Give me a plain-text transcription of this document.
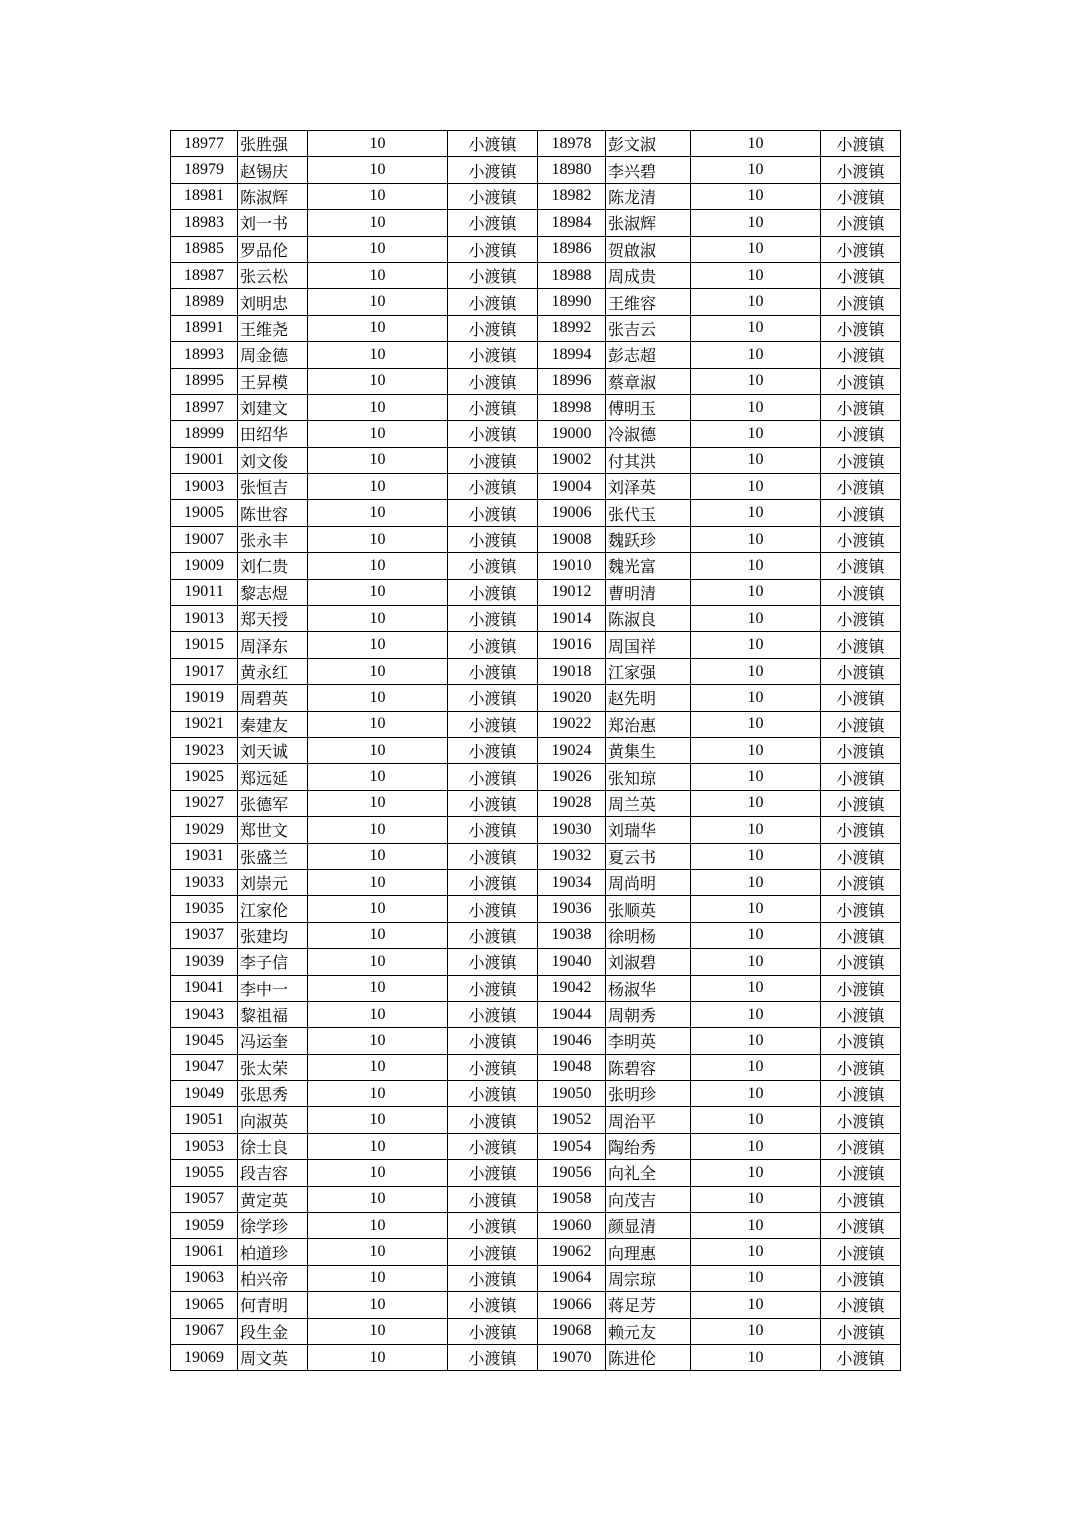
18977	张胜强	10	小渡镇	18978	彭文淑	10	小渡镇
18979	赵锡庆	10	小渡镇	18980	李兴碧	10	小渡镇
18981	陈淑辉	10	小渡镇	18982	陈龙清	10	小渡镇
18983	刘一书	10	小渡镇	18984	张淑辉	10	小渡镇
18985	罗品伦	10	小渡镇	18986	贺啟淑	10	小渡镇
18987	张云松	10	小渡镇	18988	周成贵	10	小渡镇
18989	刘明忠	10	小渡镇	18990	王维容	10	小渡镇
18991	王维尧	10	小渡镇	18992	张吉云	10	小渡镇
18993	周金德	10	小渡镇	18994	彭志超	10	小渡镇
18995	王昇模	10	小渡镇	18996	蔡章淑	10	小渡镇
18997	刘建文	10	小渡镇	18998	傅明玉	10	小渡镇
18999	田绍华	10	小渡镇	19000	冷淑德	10	小渡镇
19001	刘文俊	10	小渡镇	19002	付其洪	10	小渡镇
19003	张恒吉	10	小渡镇	19004	刘泽英	10	小渡镇
19005	陈世容	10	小渡镇	19006	张代玉	10	小渡镇
19007	张永丰	10	小渡镇	19008	魏跃珍	10	小渡镇
19009	刘仁贵	10	小渡镇	19010	魏光富	10	小渡镇
19011	黎志煜	10	小渡镇	19012	曹明清	10	小渡镇
19013	郑天授	10	小渡镇	19014	陈淑良	10	小渡镇
19015	周泽东	10	小渡镇	19016	周国祥	10	小渡镇
19017	黄永红	10	小渡镇	19018	江家强	10	小渡镇
19019	周碧英	10	小渡镇	19020	赵先明	10	小渡镇
19021	秦建友	10	小渡镇	19022	郑治惠	10	小渡镇
19023	刘天诚	10	小渡镇	19024	黄集生	10	小渡镇
19025	郑远延	10	小渡镇	19026	张知琼	10	小渡镇
19027	张德军	10	小渡镇	19028	周兰英	10	小渡镇
19029	郑世文	10	小渡镇	19030	刘瑞华	10	小渡镇
19031	张盛兰	10	小渡镇	19032	夏云书	10	小渡镇
19033	刘崇元	10	小渡镇	19034	周尚明	10	小渡镇
19035	江家伦	10	小渡镇	19036	张顺英	10	小渡镇
19037	张建均	10	小渡镇	19038	徐明杨	10	小渡镇
19039	李子信	10	小渡镇	19040	刘淑碧	10	小渡镇
19041	李中一	10	小渡镇	19042	杨淑华	10	小渡镇
19043	黎祖福	10	小渡镇	19044	周朝秀	10	小渡镇
19045	冯运奎	10	小渡镇	19046	李明英	10	小渡镇
19047	张太荣	10	小渡镇	19048	陈碧容	10	小渡镇
19049	张思秀	10	小渡镇	19050	张明珍	10	小渡镇
19051	向淑英	10	小渡镇	19052	周治平	10	小渡镇
19053	徐士良	10	小渡镇	19054	陶绐秀	10	小渡镇
19055	段吉容	10	小渡镇	19056	向礼全	10	小渡镇
19057	黄定英	10	小渡镇	19058	向茂吉	10	小渡镇
19059	徐学珍	10	小渡镇	19060	颜显清	10	小渡镇
19061	柏道珍	10	小渡镇	19062	向理惠	10	小渡镇
19063	柏兴帝	10	小渡镇	19064	周宗琼	10	小渡镇
19065	何青明	10	小渡镇	19066	蒋足芳	10	小渡镇
19067	段生金	10	小渡镇	19068	赖元友	10	小渡镇
19069	周文英	10	小渡镇	19070	陈进伦	10	小渡镇
